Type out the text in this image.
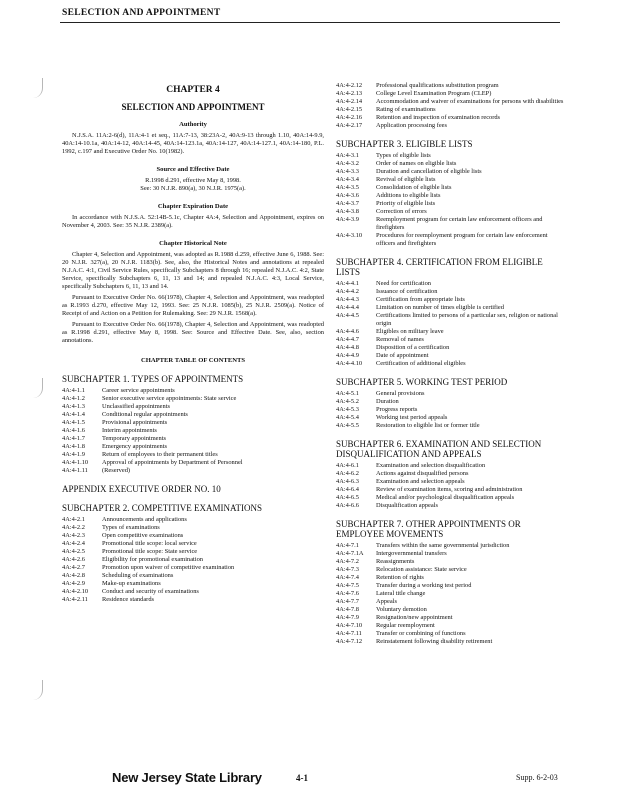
SELECTION AND APPOINTMENT
CHAPTER 4
SELECTION AND APPOINTMENT
Authority

N.J.S.A. 11A:2-6(d), 11A:4-1 et seq., 11A:7-13, 38:23A-2, 40A:9-13 through 1.10, 40A:14-9.9, 40A:14-10.1a, 40A:14-12, 40A:14-45, 40A:14-123.1a, 40A:14-127, 40A:14-127.1, 40A:14-180, P.L. 1992, c.197 and Executive Order No. 10(1982).

Source and Effective Date
R.1998 d.291, effective May 8, 1998.
See: 30 N.J.R. 890(a), 30 N.J.R. 1975(a).
Chapter Expiration Date

In accordance with N.J.S.A. 52:14B-5.1c, Chapter 4A:4, Selection and Appointment, expires on November 4, 2003. See: 35 N.J.R. 2389(a).

Chapter Historical Note

Chapter 4, Selection and Appointment, was adopted as R.1988 d.259, effective June 6, 1988. See: 20 N.J.R. 327(a), 20 N.J.R. 1183(b). See, also, the Historical Notes and annotations at repealed N.J.A.C. 4:1, Civil Service Rules, specifically Subchapters 8 through 16; repealed N.J.A.C. 4:2, State Service, specifically Subchapters 6, 11, 13 and 14; and repealed N.J.A.C. 4:3, Local Service, specifically Subchapters 6, 11, 13 and 14.

Pursuant to Executive Order No. 66(1978), Chapter 4, Selection and Appointment, was readopted as R.1993 d.270, effective May 12, 1993. See: 25 N.J.R. 1085(b), 25 N.J.R. 2509(a). Notice of Receipt of and Action on a Petition for Rulemaking. See: 29 N.J.R. 1568(a).

Pursuant to Executive Order No. 66(1978), Chapter 4, Selection and Appointment, was readopted as R.1998 d.291, effective May 8, 1998. See: Source and Effective Date. See, also, section annotations.

CHAPTER TABLE OF CONTENTS
SUBCHAPTER 1. TYPES OF APPOINTMENTS
4A:4-1.1	Career service appointments
4A:4-1.2	Senior executive service appointments: State service
4A:4-1.3	Unclassified appointments
4A:4-1.4	Conditional regular appointments
4A:4-1.5	Provisional appointments
4A:4-1.6	Interim appointments
4A:4-1.7	Temporary appointments
4A:4-1.8	Emergency appointments
4A:4-1.9	Return of employees to their permanent titles
4A:4-1.10	Approval of appointments by Department of Personnel
4A:4-1.11	(Reserved)
APPENDIX EXECUTIVE ORDER NO. 10
SUBCHAPTER 2. COMPETITIVE EXAMINATIONS
4A:4-2.1	Announcements and applications
4A:4-2.2	Types of examinations
4A:4-2.3	Open competitive examinations
4A:4-2.4	Promotional title scope: local service
4A:4-2.5	Promotional title scope: State service
4A:4-2.6	Eligibility for promotional examination
4A:4-2.7	Promotion upon waiver of competitive examination
4A:4-2.8	Scheduling of examinations
4A:4-2.9	Make-up examinations
4A:4-2.10	Conduct and security of examinations
4A:4-2.11	Residence standards
4A:4-2.12	Professional qualifications substitution program
4A:4-2.13	College Level Examination Program (CLEP)
4A:4-2.14	Accommodation and waiver of examinations for persons with disabilities
4A:4-2.15	Rating of examinations
4A:4-2.16	Retention and inspection of examination records
4A:4-2.17	Application processing fees
SUBCHAPTER 3. ELIGIBLE LISTS
4A:4-3.1	Types of eligible lists
4A:4-3.2	Order of names on eligible lists
4A:4-3.3	Duration and cancellation of eligible lists
4A:4-3.4	Revival of eligible lists
4A:4-3.5	Consolidation of eligible lists
4A:4-3.6	Additions to eligible lists
4A:4-3.7	Priority of eligible lists
4A:4-3.8	Correction of errors
4A:4-3.9	Reemployment program for certain law enforcement officers and firefighters
4A:4-3.10	Procedures for reemployment program for certain law enforcement officers and firefighters
SUBCHAPTER 4. CERTIFICATION FROM ELIGIBLE LISTS
4A:4-4.1	Need for certification
4A:4-4.2	Issuance of certification
4A:4-4.3	Certification from appropriate lists
4A:4-4.4	Limitation on number of times eligible is certified
4A:4-4.5	Certifications limited to persons of a particular sex, religion or national origin
4A:4-4.6	Eligibles on military leave
4A:4-4.7	Removal of names
4A:4-4.8	Disposition of a certification
4A:4-4.9	Date of appointment
4A:4-4.10	Certification of additional eligibles
SUBCHAPTER 5. WORKING TEST PERIOD
4A:4-5.1	General provisions
4A:4-5.2	Duration
4A:4-5.3	Progress reports
4A:4-5.4	Working test period appeals
4A:4-5.5	Restoration to eligible list or former title
SUBCHAPTER 6. EXAMINATION AND SELECTION DISQUALIFICATION AND APPEALS
4A:4-6.1	Examination and selection disqualification
4A:4-6.2	Actions against disqualified persons
4A:4-6.3	Examination and selection appeals
4A:4-6.4	Review of examination items, scoring and administration
4A:4-6.5	Medical and/or psychological disqualification appeals
4A:4-6.6	Disqualification appeals
SUBCHAPTER 7. OTHER APPOINTMENTS OR EMPLOYEE MOVEMENTS
4A:4-7.1	Transfers within the same governmental jurisdiction
4A:4-7.1A	Intergovernmental transfers
4A:4-7.2	Reassignments
4A:4-7.3	Relocation assistance: State service
4A:4-7.4	Retention of rights
4A:4-7.5	Transfer during a working test period
4A:4-7.6	Lateral title change
4A:4-7.7	Appeals
4A:4-7.8	Voluntary demotion
4A:4-7.9	Resignation/new appointment
4A:4-7.10	Regular reemployment
4A:4-7.11	Transfer or combining of functions
4A:4-7.12	Reinstatement following disability retirement
New Jersey State Library	4-1	Supp. 6-2-03
